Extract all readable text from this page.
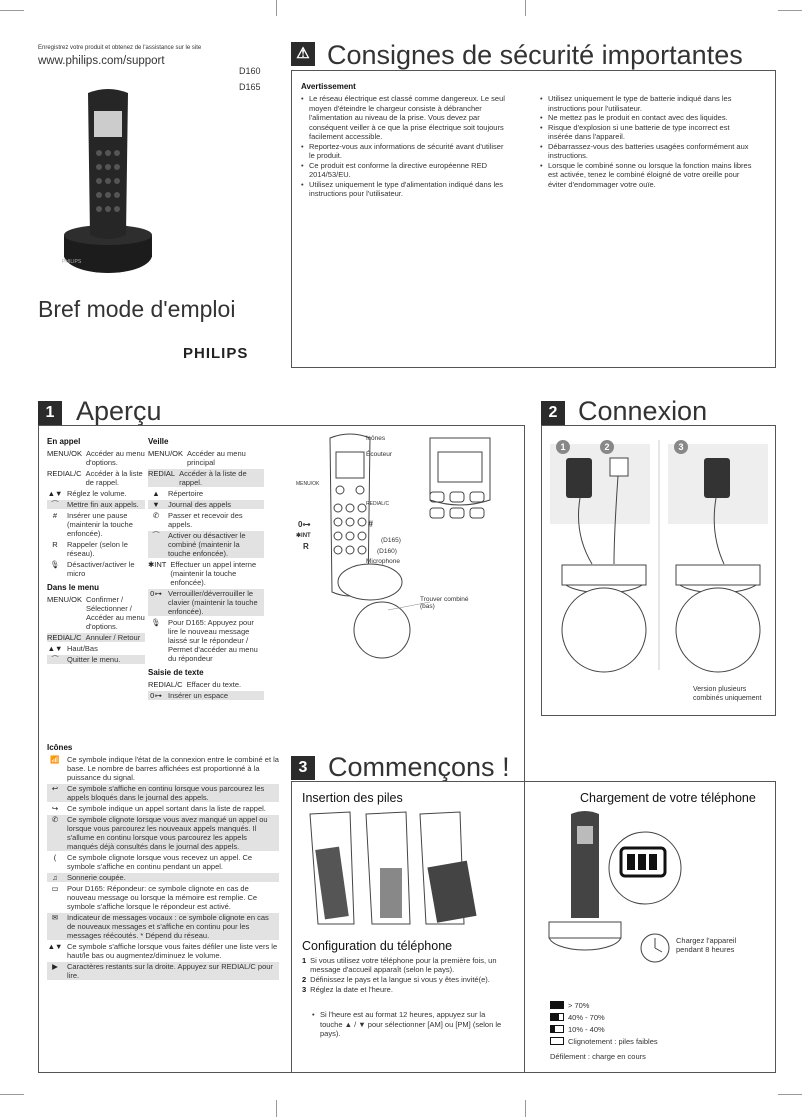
Enregistrez votre produit et obtenez de l'assistance sur le site
www.philips.com/support
D160
D165
PHILIPS
Bref mode d'emploi
PHILIPS
⚠ Consignes de sécurité importantes
Avertissement
• Le réseau électrique est classé comme dangereux. Le seul moyen d'éteindre le chargeur consiste à débrancher l'alimentation au niveau de la prise. Vous devez par conséquent veiller à ce que la prise électrique soit toujours facilement accessible.
• Reportez-vous aux informations de sécurité avant d'utiliser le produit.
• Ce produit est conforme la directive européenne RED 2014/53/EU.
• Utilisez uniquement le type d'alimentation indiqué dans les instructions pour l'utilisateur.
• Utilisez uniquement le type de batterie indiqué dans les instructions pour l'utilisateur.
• Ne mettez pas le produit en contact avec des liquides.
• Risque d'explosion si une batterie de type incorrect est insérée dans l'appareil.
• Débarrassez-vous des batteries usagées conformément aux instructions.
• Lorsque le combiné sonne ou lorsque la fonction mains libres est activée, tenez le combiné éloigné de votre oreille pour éviter d'endommager votre ouïe.
1 Aperçu
En appel
MENU/OK Accéder au menu d'options.
REDIAL/C Accéder à la liste de rappel.
▲▼ Réglez le volume.
⌒	Mettre fin aux appels.
#	Insérer une pause (maintenir la touche enfoncée).
R	Rappeler (selon le réseau).
🎙 Désactiver/activer le micro
Dans le menu
MENU/OK Confirmer / Sélectionner / Accéder au menu d'options.
REDIAL/C Annuler / Retour
▲▼ Haut/Bas
⌒	Quitter le menu.
Veille
MENU/OK Accéder au menu principal
REDIAL Accéder à la liste de rappel.
▲	Répertoire
▼	Journal des appels
✆	Passer et recevoir des appels.
⌒	Activer ou désactiver le combiné (maintenir la touche enfoncée).
✱INT Effectuer un appel interne (maintenir la touche enfoncée).
0⊶ Verrouiller/déverrouiller le clavier (maintenir la touche enfoncée).
🎙 Pour D165: Appuyez pour lire le nouveau message laissé sur le répondeur / Permet d'accéder au menu du répondeur
Saisie de texte
REDIAL/C Effacer du texte.
0⊶ Insérer un espace
Icônes
📶 Ce symbole indique l'état de la connexion entre le combiné et la base. Le nombre de barres affichées est proportionné à la puissance du signal.
↩	Ce symbole s'affiche en continu lorsque vous parcourez les appels bloqués dans le journal des appels.
↪	Ce symbole indique un appel sortant dans la liste de rappel.
✆	Ce symbole clignote lorsque vous avez manqué un appel ou lorsque vous parcourez les nouveaux appels manqués. Il s'allume en continu lorsque vous parcourez les appels manqués déjà consultés dans le journal des appels.
(	Ce symbole clignote lorsque vous recevez un appel. Ce symbole s'affiche en continu pendant un appel.
♫	Sonnerie coupée.
▭	Pour D165: Répondeur: ce symbole clignote en cas de nouveau message ou lorsque la mémoire est remplie. Ce symbole s'affiche lorsque le répondeur est activé.
✉	Indicateur de messages vocaux : ce symbole clignote en cas de nouveaux messages et s'affiche en continu pour les messages réécoutés. * Dépend du réseau.
▲▼ Ce symbole s'affiche lorsque vous faites défiler une liste vers le haut/le bas ou augmentez/diminuez le volume.
▶	Caractères restants sur la droite. Appuyez sur REDIAL/C pour lire.
Icônes
Écouteur
MENU/OK
REDIAL/C
0⊶	#
✱INT
R
(D165)
(D160)
Microphone
Trouver combiné (bas)
2 Connexion
1	2	3
Version plusieurs combinés uniquement
3 Commençons !
Insertion des piles
Configuration du téléphone
1 Si vous utilisez votre téléphone pour la première fois, un message d'accueil apparaît (selon le pays).
2 Définissez le pays et la langue si vous y êtes invité(e).
3 Réglez la date et l'heure.
• Si l'heure est au format 12 heures, appuyez sur la touche ▲ / ▼ pour sélectionner [AM] ou [PM] (selon le pays).
Chargement de votre téléphone
Chargez l'appareil pendant 8 heures
> 70%
40% - 70%
10% - 40%
Clignotement : piles faibles
Défilement : charge en cours
